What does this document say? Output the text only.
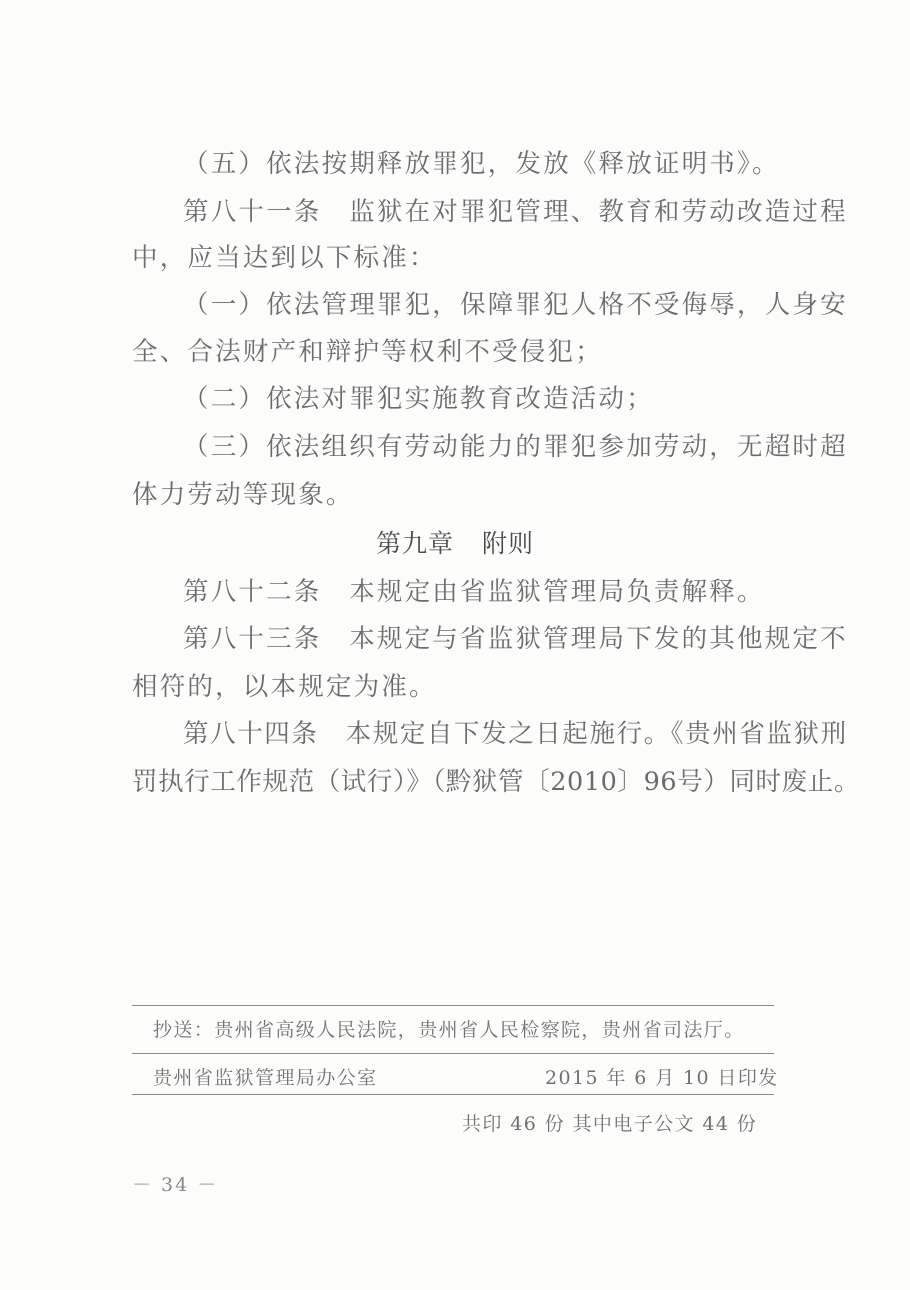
（五）依法按期释放罪犯，发放《释放证明书》。
第八十一条　监狱在对罪犯管理、教育和劳动改造过程
中，应当达到以下标准：
（一）依法管理罪犯，保障罪犯人格不受侮辱，人身安
全、合法财产和辩护等权利不受侵犯；
（二）依法对罪犯实施教育改造活动；
（三）依法组织有劳动能力的罪犯参加劳动，无超时超
体力劳动等现象。
第九章 附则
第八十二条　本规定由省监狱管理局负责解释。
第八十三条　本规定与省监狱管理局下发的其他规定不
相符的，以本规定为准。
第八十四条　本规定自下发之日起施行。《贵州省监狱刑
罚执行工作规范（试行）》（黔狱管〔2010〕96号）同时废止。
抄送：贵州省高级人民法院，贵州省人民检察院，贵州省司法厅。
贵州省监狱管理局办公室	2015 年 6 月 10 日印发
共印 46 份 其中电子公文 44 份
－ 34 －
